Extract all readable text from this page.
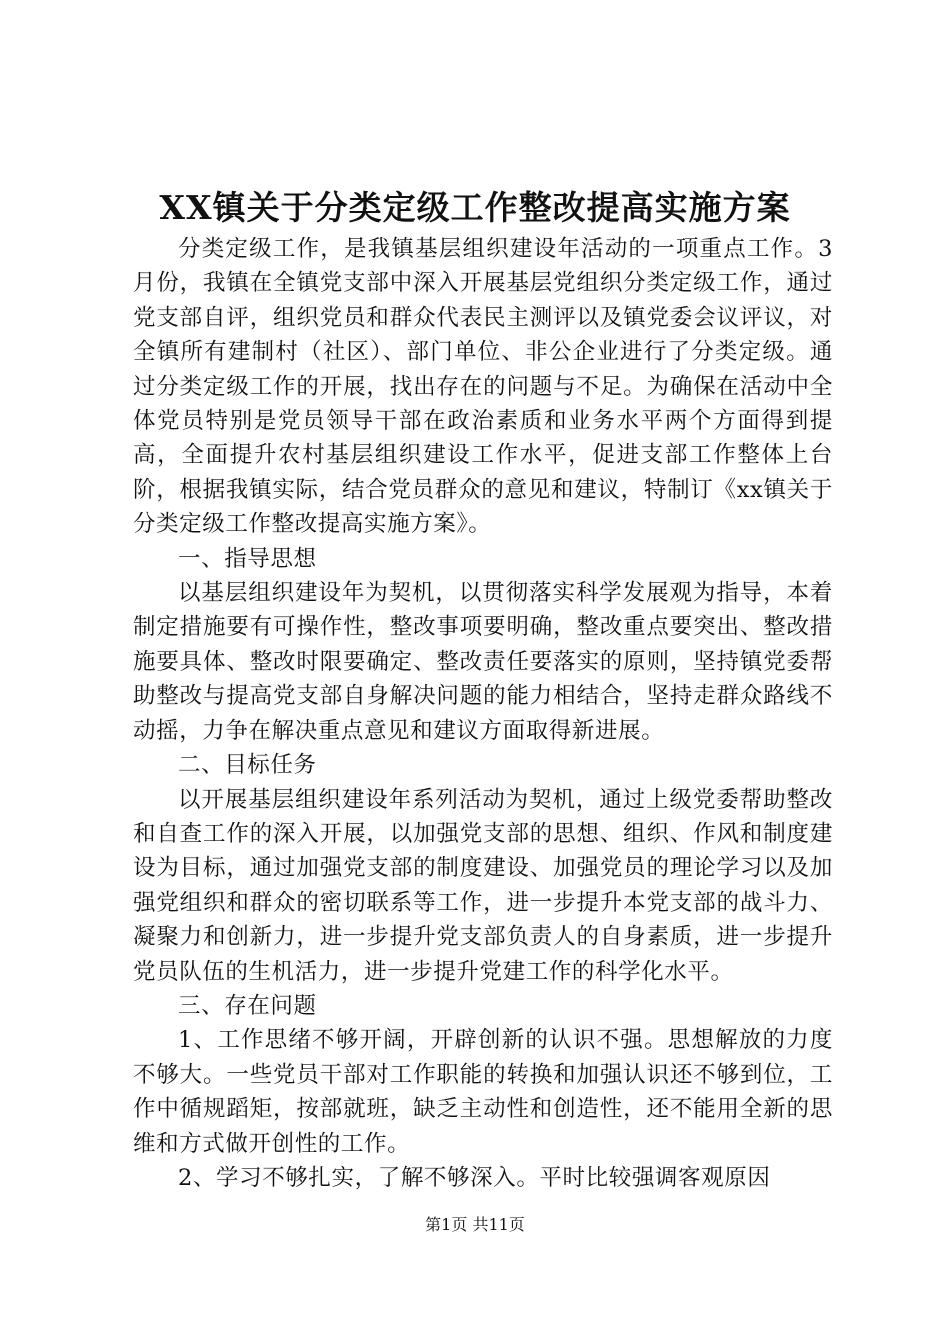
XX镇关于分类定级工作整改提高实施方案

分类定级工作，是我镇基层组织建设年活动的一项重点工作。3月份，我镇在全镇党支部中深入开展基层党组织分类定级工作，通过党支部自评，组织党员和群众代表民主测评以及镇党委会议评议，对全镇所有建制村（社区）、部门单位、非公企业进行了分类定级。通过分类定级工作的开展，找出存在的问题与不足。为确保在活动中全体党员特别是党员领导干部在政治素质和业务水平两个方面得到提高，全面提升农村基层组织建设工作水平，促进支部工作整体上台阶，根据我镇实际，结合党员群众的意见和建议，特制订《xx镇关于分类定级工作整改提高实施方案》。

一、指导思想

以基层组织建设年为契机，以贯彻落实科学发展观为指导，本着制定措施要有可操作性，整改事项要明确，整改重点要突出、整改措施要具体、整改时限要确定、整改责任要落实的原则，坚持镇党委帮助整改与提高党支部自身解决问题的能力相结合，坚持走群众路线不动摇，力争在解决重点意见和建议方面取得新进展。

二、目标任务

以开展基层组织建设年系列活动为契机，通过上级党委帮助整改和自查工作的深入开展，以加强党支部的思想、组织、作风和制度建设为目标，通过加强党支部的制度建设、加强党员的理论学习以及加强党组织和群众的密切联系等工作，进一步提升本党支部的战斗力、凝聚力和创新力，进一步提升党支部负责人的自身素质，进一步提升党员队伍的生机活力，进一步提升党建工作的科学化水平。

三、存在问题

1、工作思绪不够开阔，开辟创新的认识不强。思想解放的力度不够大。一些党员干部对工作职能的转换和加强认识还不够到位，工作中循规蹈矩，按部就班，缺乏主动性和创造性，还不能用全新的思维和方式做开创性的工作。

2、学习不够扎实，了解不够深入。平时比较强调客观原因

第1页 共11页
